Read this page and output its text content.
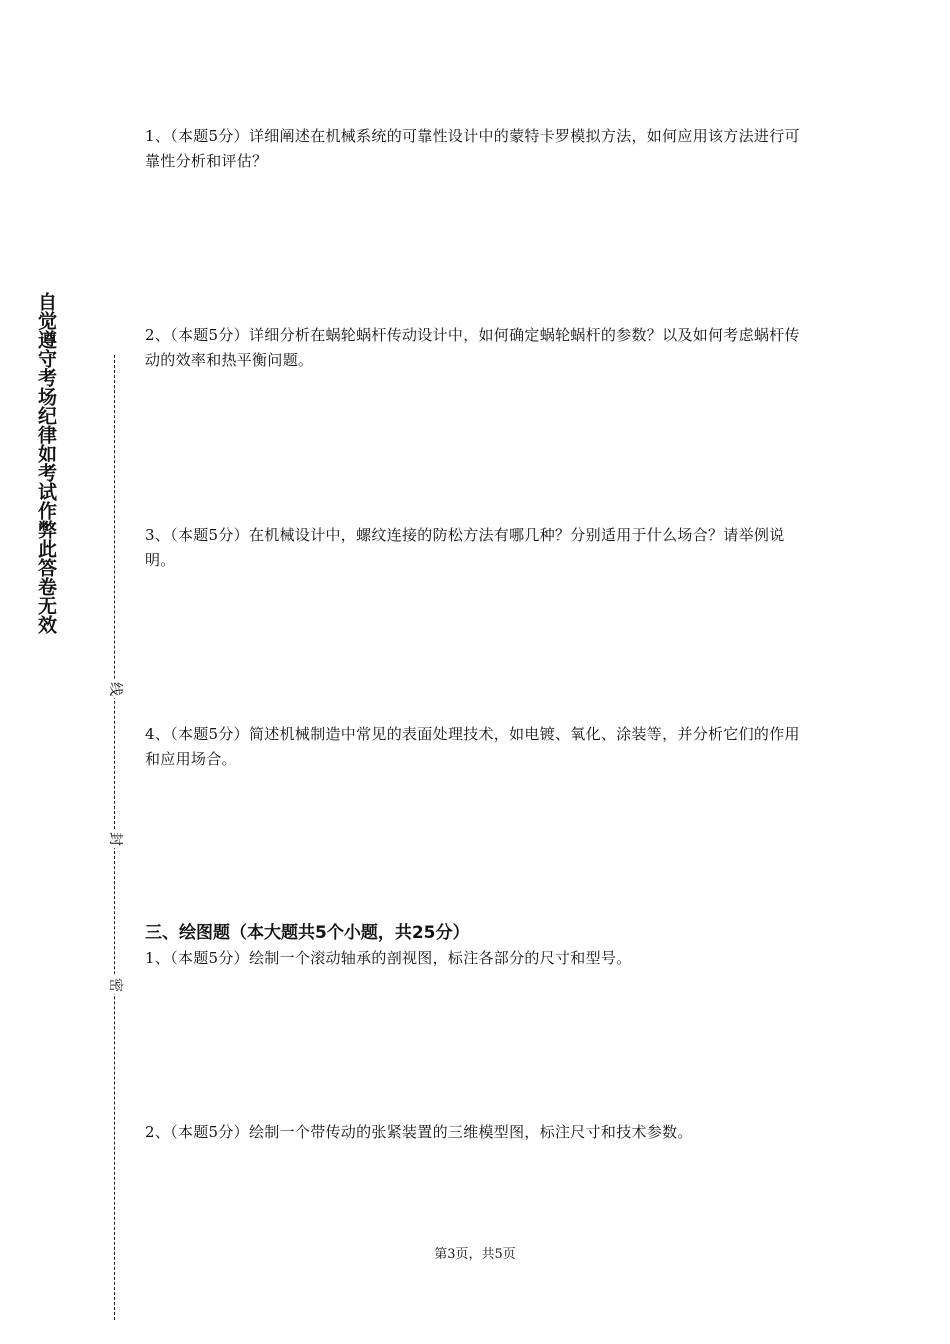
自觉遵守考场纪律如考试作弊此答卷无效
线
封
密
1、（本题5分）详细阐述在机械系统的可靠性设计中的蒙特卡罗模拟方法，如何应用该方法进行可靠性分析和评估？
2、（本题5分）详细分析在蜗轮蜗杆传动设计中，如何确定蜗轮蜗杆的参数？以及如何考虑蜗杆传动的效率和热平衡问题。
3、（本题5分）在机械设计中，螺纹连接的防松方法有哪几种？分别适用于什么场合？请举例说明。
4、（本题5分）简述机械制造中常见的表面处理技术，如电镀、氧化、涂装等，并分析它们的作用和应用场合。
三、绘图题（本大题共5个小题，共25分）
1、（本题5分）绘制一个滚动轴承的剖视图，标注各部分的尺寸和型号。
2、（本题5分）绘制一个带传动的张紧装置的三维模型图，标注尺寸和技术参数。
第3页，共5页
